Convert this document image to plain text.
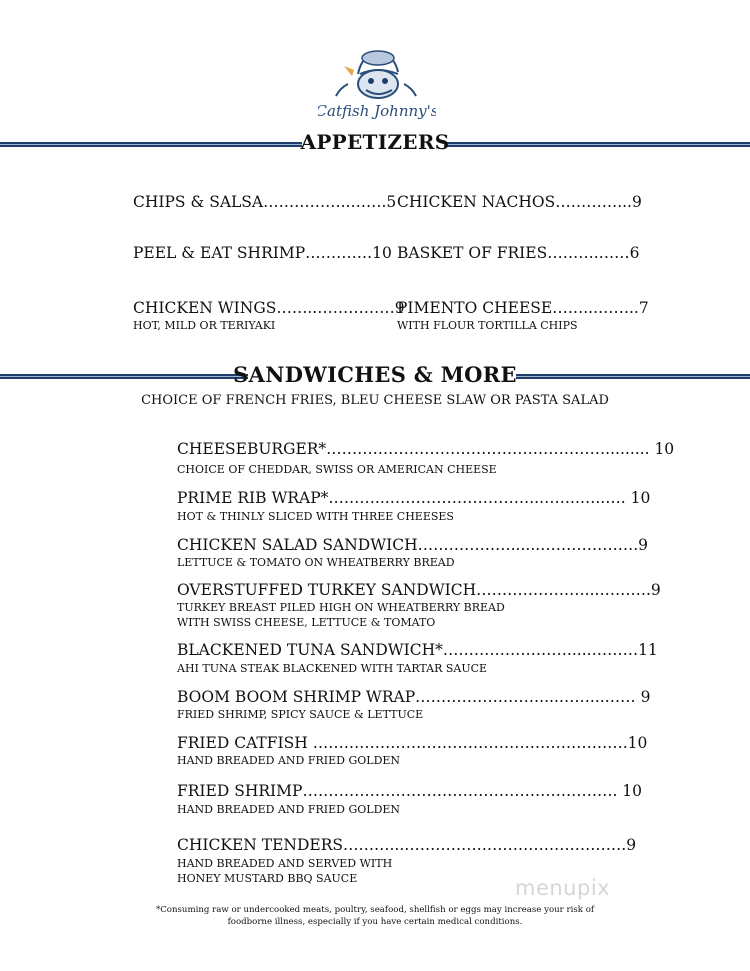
Catfish Johnny's
APPETIZERS
CHIPS & SALSA……………..…….5 CHICKEN NACHOS…………...9
PEEL & EAT SHRIMP………….10 BASKET OF FRIES……….……6
CHICKEN WINGS……..……………9
HOT, MILD OR TERIYAKI
PIMENTO CHEESE……...……..7
WITH FLOUR TORTILLA CHIPS
SANDWICHES & MORE
CHOICE OF FRENCH FRIES, BLEU CHEESE SLAW OR PASTA SALAD
CHEESEBURGER*………………………………………………......... 10
CHOICE OF CHEDDAR, SWISS OR AMERICAN CHEESE
PRIME RIB WRAP*………...………………………..……..…..…. 10
HOT & THINLY SLICED WITH THREE CHEESES
CHICKEN SALAD SANDWICH………………......……………….9
LETTUCE & TOMATO ON WHEATBERRY BREAD
OVERSTUFFED TURKEY SANDWICH…………………...……….9
TURKEY BREAST PILED HIGH ON WHEATBERRY BREAD
WITH SWISS CHEESE, LETTUCE & TOMATO
BLACKENED TUNA SANDWICH*…………………….....………11
AHI TUNA STEAK BLACKENED WITH TARTAR SAUCE
BOOM BOOM SHRIMP WRAP……………………....……...…… 9
FRIED SHRIMP, SPICY SAUCE & LETTUCE
FRIED CATFISH …………………………………………………….10
HAND BREADED AND FRIED GOLDEN
FRIED SHRIMP……………………………………………………. 10
HAND BREADED AND FRIED GOLDEN
CHICKEN TENDERS………...…………………………………….9
HAND BREADED AND SERVED WITH
HONEY MUSTARD BBQ SAUCE
*Consuming raw or undercooked meats, poultry, seafood, shellfish or eggs may increase your risk of
foodborne illness, especially if you have certain medical conditions.
menupix
